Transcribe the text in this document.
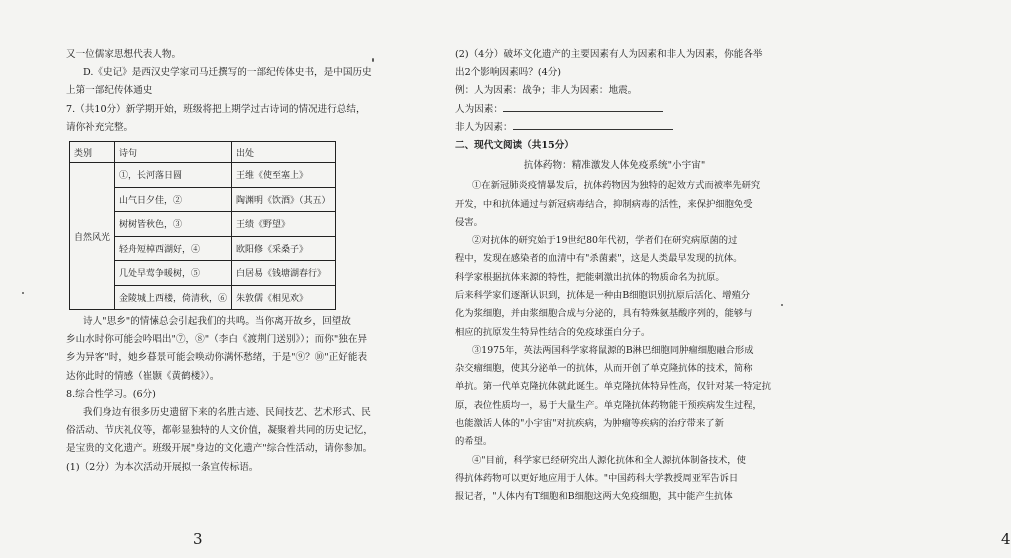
又一位儒家思想代表人物。
D.《史记》是西汉史学家司马迁撰写的一部纪传体史书，是中国历史
上第一部纪传体通史
7.（共10分）新学期开始，班级将把上期学过古诗词的情况进行总结，
请你补充完整。
类别	诗句	出处
自然风光	①，长河落日圆	王维《使至塞上》
	山气日夕佳，②	陶渊明《饮酒》（其五）
	树树皆秋色，③	王绩《野望》
	轻舟短棹西湖好，④	欧阳修《采桑子》
	几处早莺争暖树，⑤	白居易《钱塘湖春行》
	金陵城上西楼，倚清秋，⑥	朱敦儒《相见欢》
诗人"思乡"的情愫总会引起我们的共鸣。当你离开故乡，回望故
乡山水时你可能会吟唱出"⑦，⑧"（李白《渡荆门送别》）；而你"独在异
乡为异客"时，她乡暮景可能会唤动你满怀愁绪，于是"⑨？⑩"正好能表
达你此时的情感（崔颢《黄鹤楼》）。
8.综合性学习。(6分)
我们身边有很多历史遗留下来的名胜古迹、民间技艺、艺术形式、民
俗活动、节庆礼仪等，都彰显独特的人文价值，凝聚着共同的历史记忆，
是宝贵的文化遗产。班级开展"身边的文化遗产"综合性活动，请你参加。
(1)（2分）为本次活动开展拟一条宣传标语。
3
(2)（4分）破坏文化遗产的主要因素有人为因素和非人为因素，你能各举
出2个影响因素吗？(4分)
例：人为因素：战争；非人为因素：地震。
人为因素：
非人为因素：
二、现代文阅读（共15分）
抗体药物：精准激发人体免疫系统"小宇宙"
①在新冠肺炎疫情暴发后，抗体药物因为独特的起效方式而被率先研究
开发，中和抗体通过与新冠病毒结合，抑制病毒的活性，来保护细胞免受
侵害。
②对抗体的研究始于19世纪80年代初，学者们在研究病原菌的过
程中，发现在感染者的血清中有"杀菌素"，这是人类最早发现的抗体。
科学家根据抗体来源的特性，把能刺激出抗体的物质命名为抗原。
后来科学家们逐渐认识到，抗体是一种由B细胞识别抗原后活化、增殖分
化为浆细胞，并由浆细胞合成与分泌的，具有特殊氨基酸序列的，能够与
相应的抗原发生特异性结合的免疫球蛋白分子。
③1975年，英法两国科学家将鼠源的B淋巴细胞同肿瘤细胞融合形成
杂交瘤细胞，使其分泌单一的抗体，从而开创了单克隆抗体的技术，简称
单抗。第一代单克隆抗体就此诞生。单克隆抗体特异性高，仅针对某一特定抗
原，表位性质均一，易于大量生产。单克隆抗体药物能干预疾病发生过程，
也能激活人体的"小宇宙"对抗疾病，为肿瘤等疾病的治疗带来了新
的希望。
④"目前，科学家已经研究出人源化抗体和全人源抗体制备技术，使
得抗体药物可以更好地应用于人体。"中国药科大学教授周亚军告诉日
报记者，"人体内有T细胞和B细胞这两大免疫细胞，其中能产生抗体
4
